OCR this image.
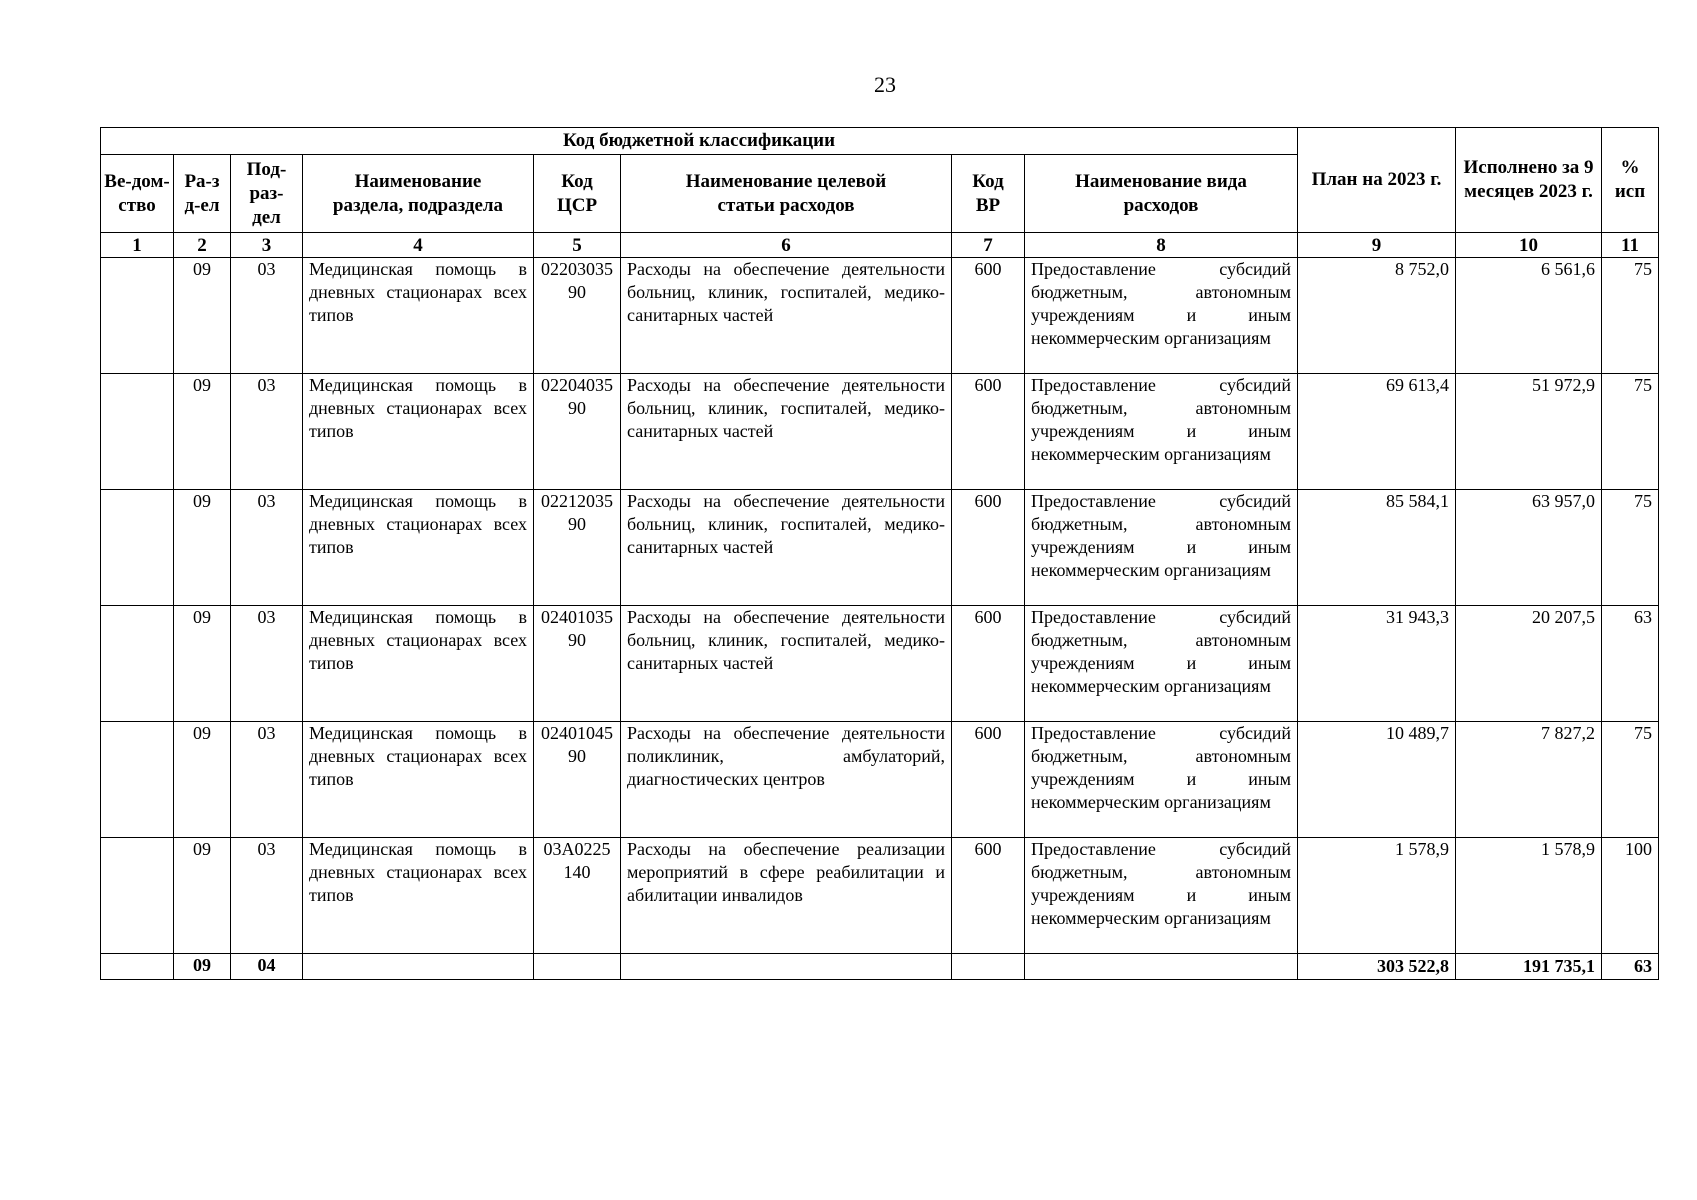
23
Код бюджетной классификации								План на 2023 г.	Исполнено за 9 месяцев 2023 г.	% исп
Ве-дом-ство	Ра-зд-ел	Под-раз-дел	Наименование раздела, подраздела	Код ЦСР	Наименование целевой статьи расходов	Код ВР	Наименование вида расходов			
1	2	3	4	5	6	7	8	9	10	11
	09	03	Медицинская помощь в дневных стационарах всех типов	0220303590	Расходы на обеспечение деятельности больниц, клиник, госпиталей, медико-санитарных частей	600	Предоставление субсидий бюджетным, автономным учреждениям и иным некоммерческим организациям	8 752,0	6 561,6	75
	09	03	Медицинская помощь в дневных стационарах всех типов	0220403590	Расходы на обеспечение деятельности больниц, клиник, госпиталей, медико-санитарных частей	600	Предоставление субсидий бюджетным, автономным учреждениям и иным некоммерческим организациям	69 613,4	51 972,9	75
	09	03	Медицинская помощь в дневных стационарах всех типов	0221203590	Расходы на обеспечение деятельности больниц, клиник, госпиталей, медико-санитарных частей	600	Предоставление субсидий бюджетным, автономным учреждениям и иным некоммерческим организациям	85 584,1	63 957,0	75
	09	03	Медицинская помощь в дневных стационарах всех типов	0240103590	Расходы на обеспечение деятельности больниц, клиник, госпиталей, медико-санитарных частей	600	Предоставление субсидий бюджетным, автономным учреждениям и иным некоммерческим организациям	31 943,3	20 207,5	63
	09	03	Медицинская помощь в дневных стационарах всех типов	0240104590	Расходы на обеспечение деятельности поликлиник, амбулаторий, диагностических центров	600	Предоставление субсидий бюджетным, автономным учреждениям и иным некоммерческим организациям	10 489,7	7 827,2	75
	09	03	Медицинская помощь в дневных стационарах всех типов	03А0225140	Расходы на обеспечение реализации мероприятий в сфере реабилитации и абилитации инвалидов	600	Предоставление субсидий бюджетным, автономным учреждениям и иным некоммерческим организациям	1 578,9	1 578,9	100
	09	04						303 522,8	191 735,1	63
